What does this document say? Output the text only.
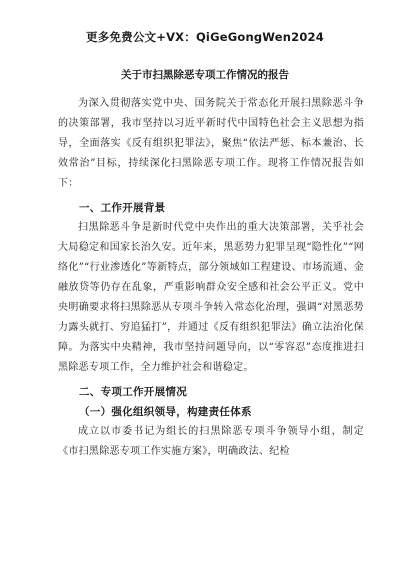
更多免费公文+VX：QiGeGongWen2024
关于市扫黑除恶专项工作情况的报告

为深入贯彻落实党中央、国务院关于常态化开展扫黑除恶斗争的决策部署，我市坚持以习近平新时代中国特色社会主义思想为指导，全面落实《反有组织犯罪法》，聚焦“依法严惩、标本兼治、长效常治”目标，持续深化扫黑除恶专项工作。现将工作情况报告如下：

一、工作开展背景

扫黑除恶斗争是新时代党中央作出的重大决策部署，关乎社会大局稳定和国家长治久安。近年来，黑恶势力犯罪呈现“隐性化”“网络化”“行业渗透化”等新特点，部分领域如工程建设、市场流通、金融放贷等仍存在乱象，严重影响群众安全感和社会公平正义。党中央明确要求将扫黑除恶从专项斗争转入常态化治理，强调“对黑恶势力露头就打、穷追猛打”，并通过《反有组织犯罪法》确立法治化保障。为落实中央精神，我市坚持问题导向，以“零容忍”态度推进扫黑除恶专项工作，全力维护社会和谐稳定。

二、专项工作开展情况
（一）强化组织领导，构建责任体系

成立以市委书记为组长的扫黑除恶专项斗争领导小组，制定《市扫黑除恶专项工作实施方案》，明确政法、纪检
